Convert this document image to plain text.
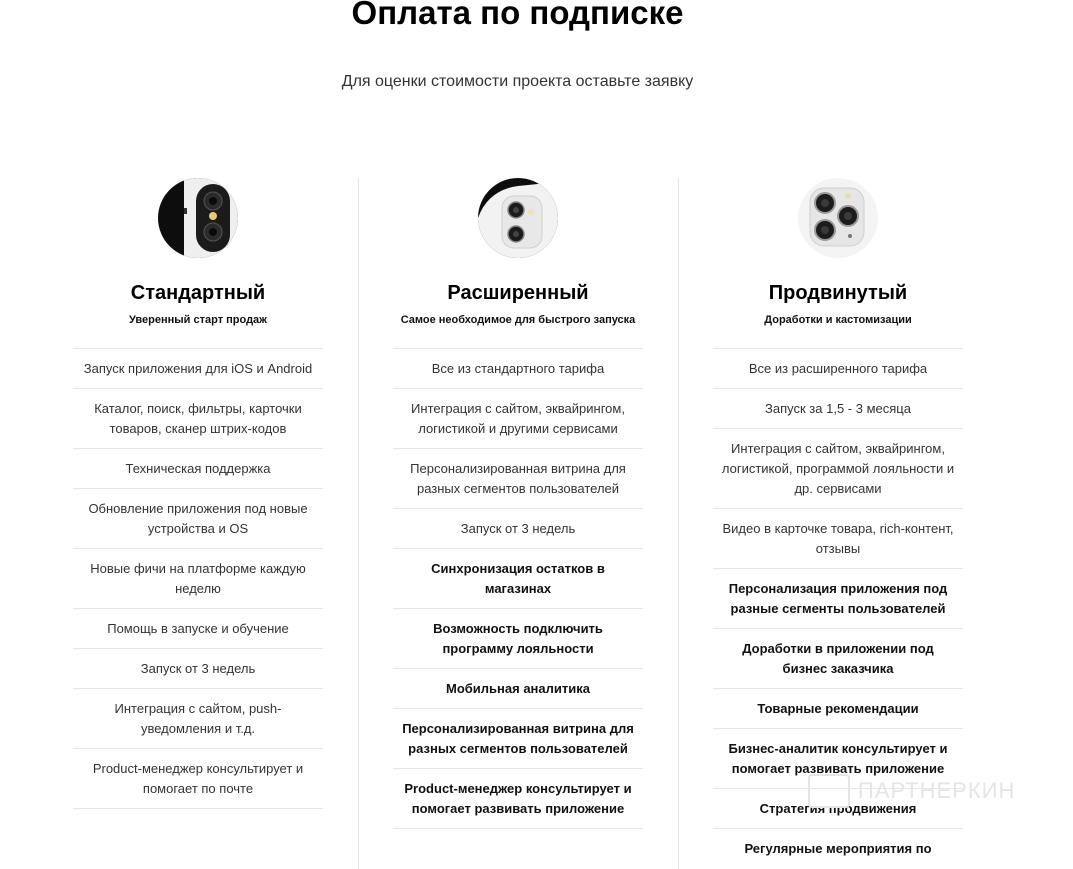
Оплата по подписке
Для оценки стоимости проекта оставьте заявку
Стандартный
Уверенный старт продаж
Запуск приложения для iOS и Android
Каталог, поиск, фильтры, карточки товаров, сканер штрих-кодов
Техническая поддержка
Обновление приложения под новые устройства и OS
Новые фичи на платформе каждую неделю
Помощь в запуске и обучение
Запуск от 3 недель
Интеграция с сайтом, push-уведомления и т.д.
Product-менеджер консультирует и помогает по почте
Расширенный
Самое необходимое для быстрого запуска
Все из стандартного тарифа
Интеграция с сайтом, эквайрингом, логистикой и другими сервисами
Персонализированная витрина для разных сегментов пользователей
Запуск от 3 недель
Синхронизация остатков в магазинах
Возможность подключить программу лояльности
Мобильная аналитика
Персонализированная витрина для разных сегментов пользователей
Product-менеджер консультирует и помогает развивать приложение
Продвинутый
Доработки и кастомизации
Все из расширенного тарифа
Запуск за 1,5 - 3 месяца
Интеграция с сайтом, эквайрингом, логистикой, программой лояльности и др. сервисами
Видео в карточке товара, rich-контент, отзывы
Персонализация приложения под разные сегменты пользователей
Доработки в приложении под бизнес заказчика
Товарные рекомендации
Бизнес-аналитик консультирует и помогает развивать приложение
Стратегия продвижения
Регулярные мероприятия по
ПАРТНЕРКИН
